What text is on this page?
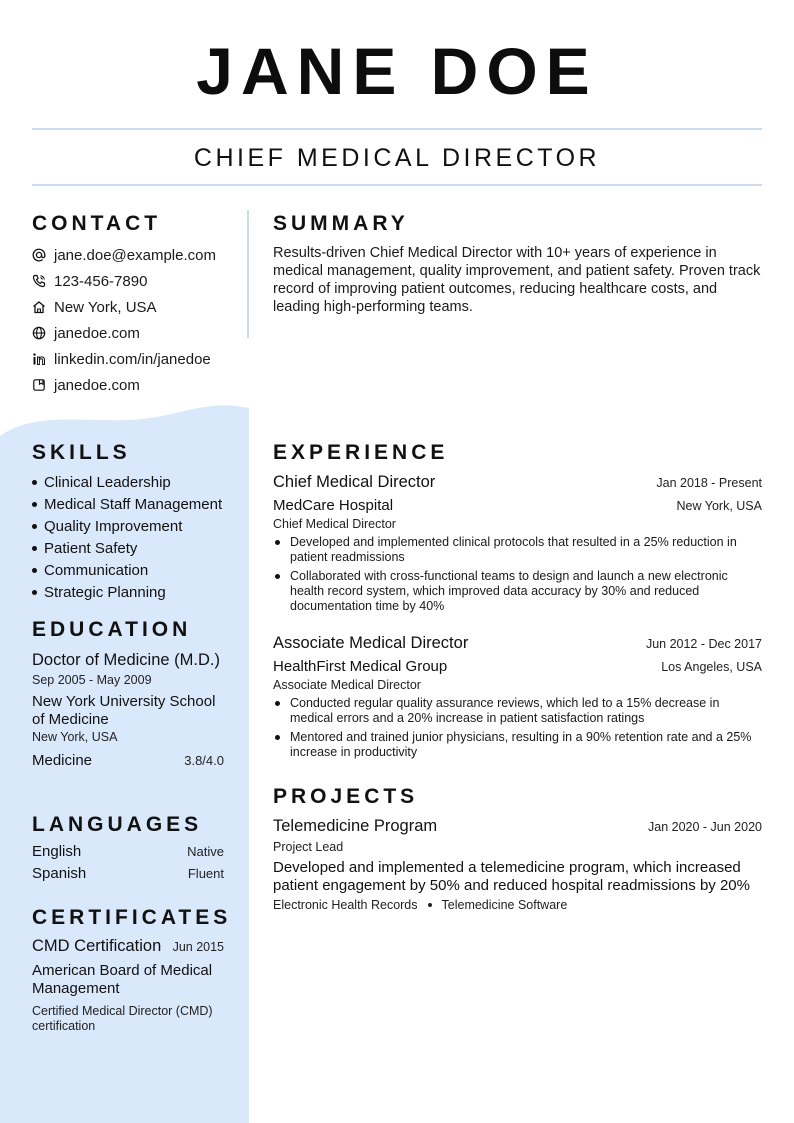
JANE DOE
CHIEF MEDICAL DIRECTOR
CONTACT
jane.doe@example.com
123-456-7890
New York, USA
janedoe.com
linkedin.com/in/janedoe
janedoe.com
SUMMARY

Results-driven Chief Medical Director with 10+ years of experience in medical management, quality improvement, and patient safety. Proven track record of improving patient outcomes, reducing healthcare costs, and leading high-performing teams.

SKILLS
Clinical Leadership
Medical Staff Management
Quality Improvement
Patient Safety
Communication
Strategic Planning
EDUCATION
Doctor of Medicine (M.D.)
Sep 2005 - May 2009
New York University School of Medicine
New York, USA
Medicine	3.8/4.0
LANGUAGES
English	Native
Spanish	Fluent
CERTIFICATES
CMD Certification Jun 2015
American Board of Medical Management
Certified Medical Director (CMD) certification
EXPERIENCE
Chief Medical Director	Jan 2018 - Present
MedCare Hospital	New York, USA
Chief Medical Director
Developed and implemented clinical protocols that resulted in a 25% reduction in patient readmissions
Collaborated with cross-functional teams to design and launch a new electronic health record system, which improved data accuracy by 30% and reduced documentation time by 40%
Associate Medical Director	Jun 2012 - Dec 2017
HealthFirst Medical Group	Los Angeles, USA
Associate Medical Director
Conducted regular quality assurance reviews, which led to a 15% decrease in medical errors and a 20% increase in patient satisfaction ratings
Mentored and trained junior physicians, resulting in a 90% retention rate and a 25% increase in productivity
PROJECTS
Telemedicine Program	Jan 2020 - Jun 2020
Project Lead
Developed and implemented a telemedicine program, which increased patient engagement by 50% and reduced hospital readmissions by 20%
Electronic Health Records Telemedicine Software
